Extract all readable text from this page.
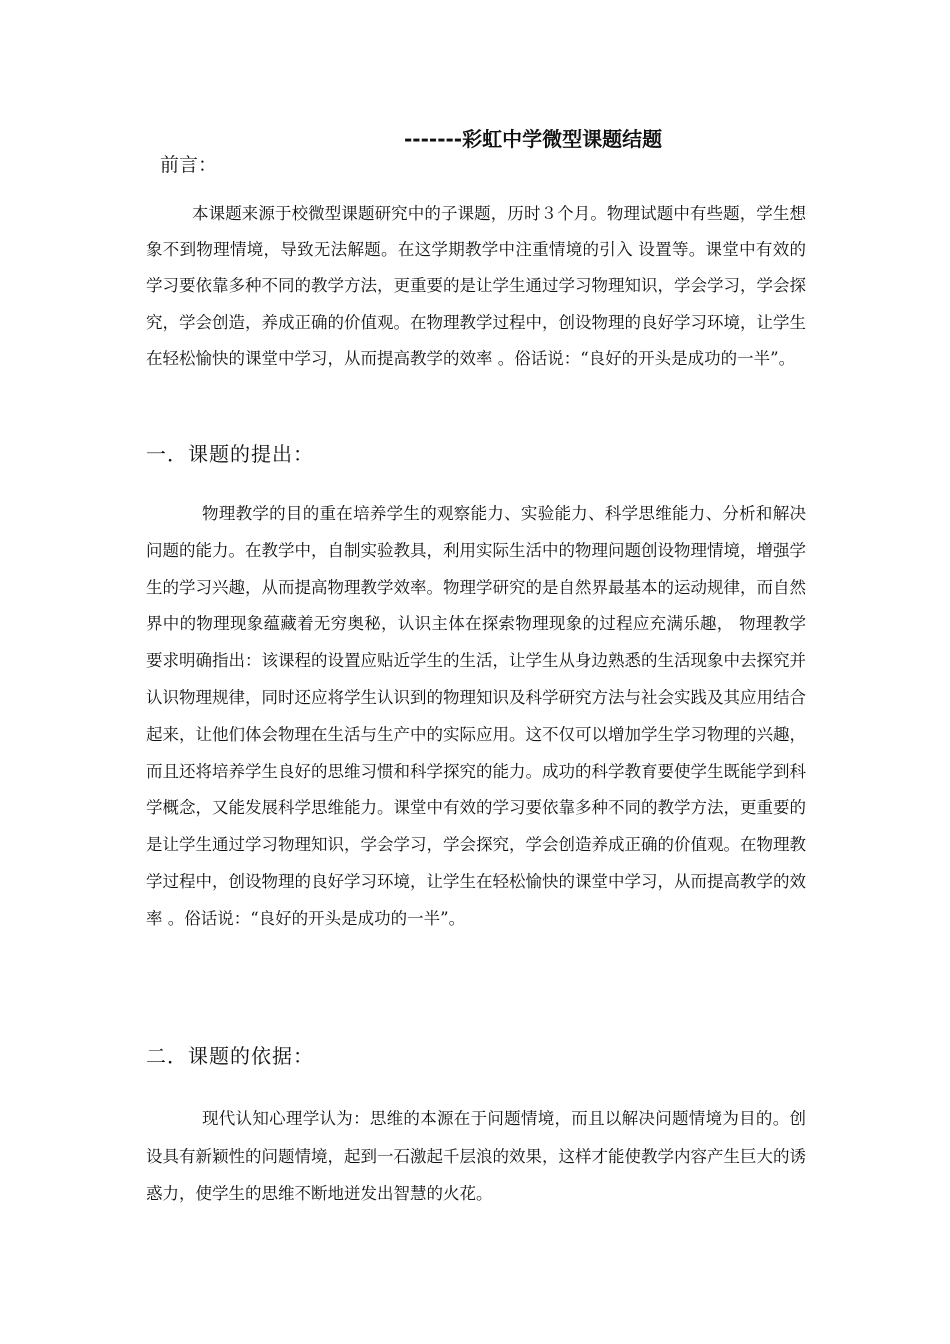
-------彩虹中学微型课题结题
前言：

本课题来源于校微型课题研究中的子课题，历时３个月。物理试题中有些题，学生想象不到物理情境，导致无法解题。在这学期教学中注重情境的引入 设置等。课堂中有效的学习要依靠多种不同的教学方法，更重要的是让学生通过学习物理知识，学会学习，学会探究，学会创造，养成正确的价值观。在物理教学过程中，创设物理的良好学习环境，让学生在轻松愉快的课堂中学习，从而提高教学的效率 。俗话说：“良好的开头是成功的一半”。

一．课题的提出：

物理教学的目的重在培养学生的观察能力、实验能力、科学思维能力、分析和解决问题的能力。在教学中，自制实验教具，利用实际生活中的物理问题创设物理情境，增强学生的学习兴趣，从而提高物理教学效率。物理学研究的是自然界最基本的运动规律，而自然界中的物理现象蕴藏着无穷奥秘，认识主体在探索物理现象的过程应充满乐趣， 物理教学要求明确指出：该课程的设置应贴近学生的生活，让学生从身边熟悉的生活现象中去探究并认识物理规律，同时还应将学生认识到的物理知识及科学研究方法与社会实践及其应用结合起来，让他们体会物理在生活与生产中的实际应用。这不仅可以增加学生学习物理的兴趣，而且还将培养学生良好的思维习惯和科学探究的能力。成功的科学教育要使学生既能学到科学概念，又能发展科学思维能力。课堂中有效的学习要依靠多种不同的教学方法，更重要的是让学生通过学习物理知识，学会学习，学会探究，学会创造养成正确的价值观。在物理教学过程中，创设物理的良好学习环境，让学生在轻松愉快的课堂中学习，从而提高教学的效率 。俗话说：“良好的开头是成功的一半”。

二．课题的依据：

现代认知心理学认为：思维的本源在于问题情境，而且以解决问题情境为目的。创设具有新颖性的问题情境，起到一石激起千层浪的效果，这样才能使教学内容产生巨大的诱惑力，使学生的思维不断地迸发出智慧的火花。
